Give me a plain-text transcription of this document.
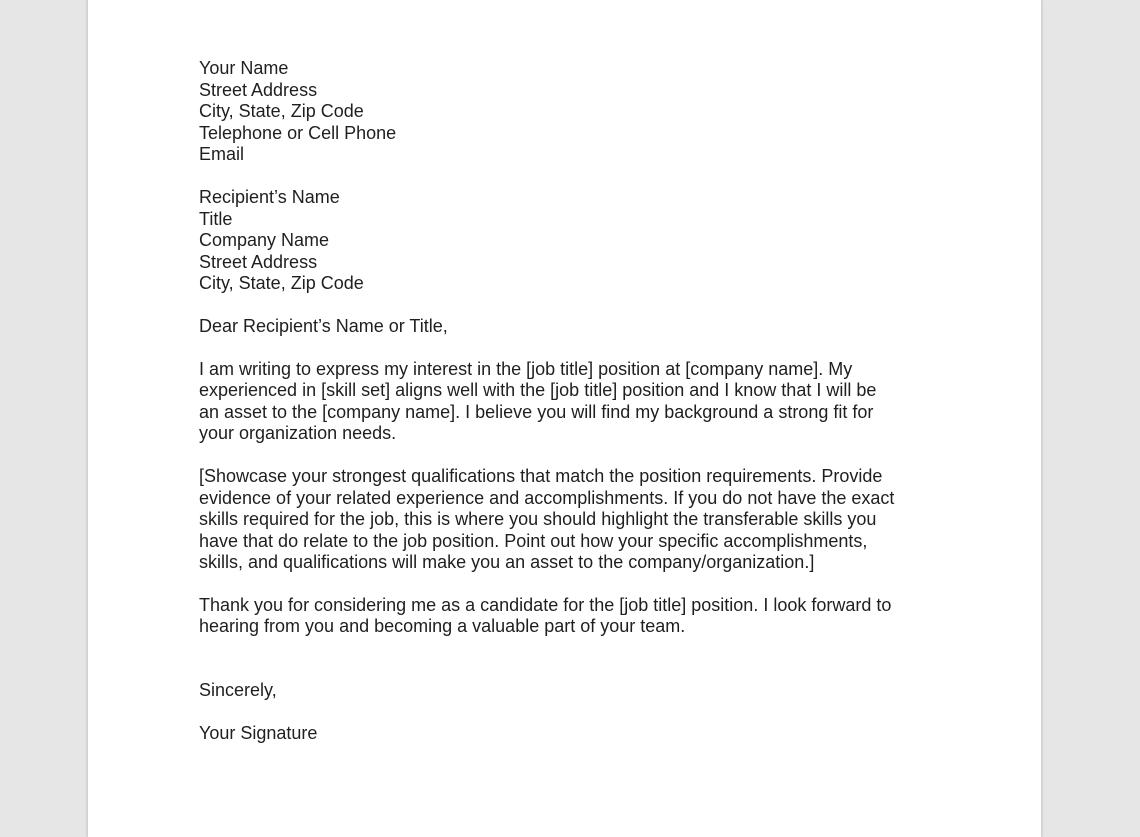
Your Name
Street Address
City, State, Zip Code
Telephone or Cell Phone
Email
Recipient’s Name
Title
Company Name
Street Address
City, State, Zip Code
Dear Recipient’s Name or Title,
I am writing to express my interest in the [job title] position at [company name]. My
experienced in [skill set] aligns well with the [job title] position and I know that I will be
an asset to the [company name]. I believe you will find my background a strong fit for
your organization needs.
[Showcase your strongest qualifications that match the position requirements. Provide
evidence of your related experience and accomplishments. If you do not have the exact
skills required for the job, this is where you should highlight the transferable skills you
have that do relate to the job position. Point out how your specific accomplishments,
skills, and qualifications will make you an asset to the company/organization.]
Thank you for considering me as a candidate for the [job title] position. I look forward to
hearing from you and becoming a valuable part of your team.
Sincerely,
Your Signature
